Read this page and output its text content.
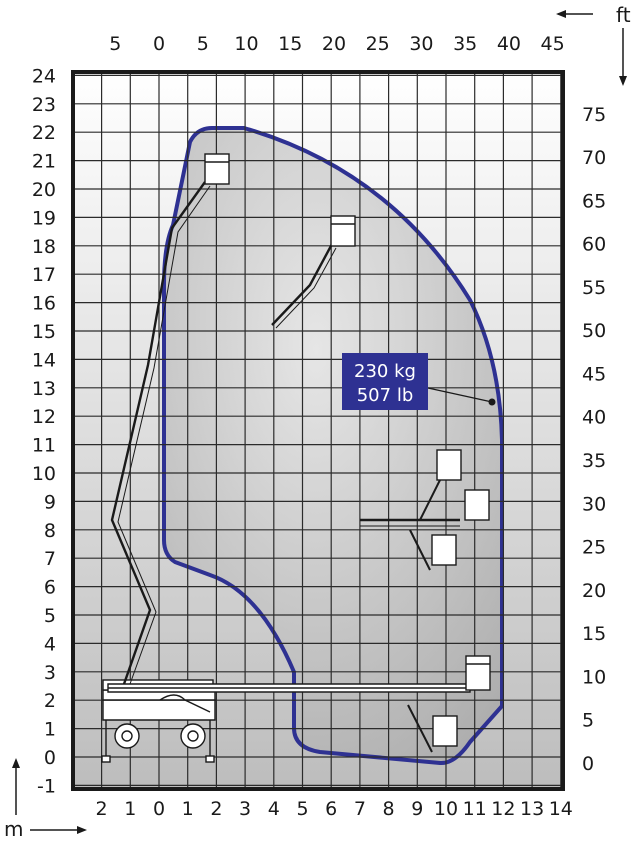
2 1 0 1 2 3 4 5 6 7 8 9 10 11 12 13 14
-1
0
1
2
3
4
5
6
7
8
9
10
11
12
13
14
15
16
17
18
19
20
21
22
23
24
5 0 5 10 15 20 25 30 35 40 45
0
5
10
15
20
25
30
35
40
45
50
55
60
65
70
75
ft
m
230 kg
507 lb
